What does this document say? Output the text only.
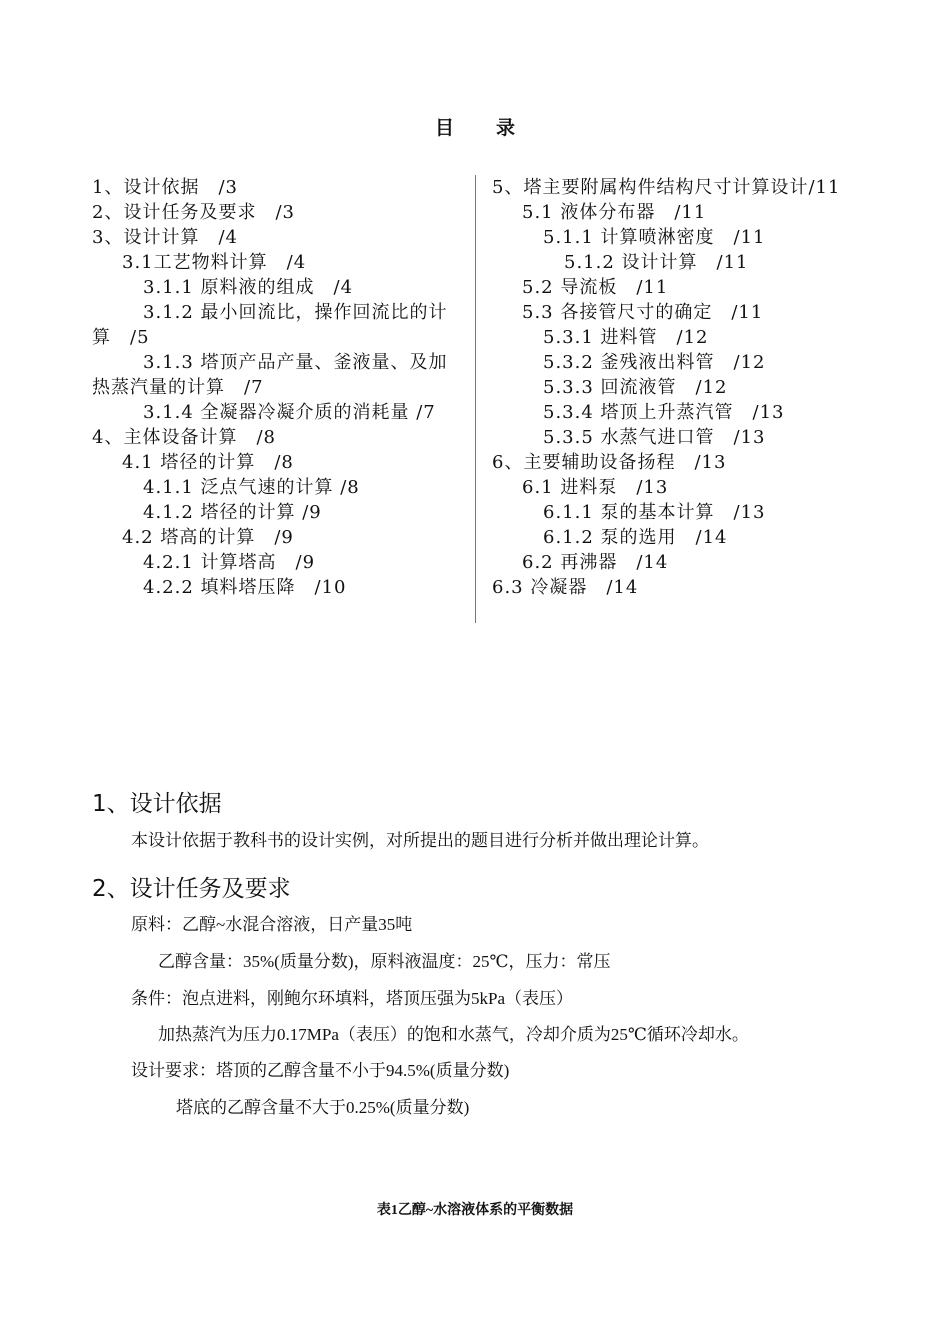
目录
1、设计依据　/3
2、设计任务及要求　/3
3、设计计算　/4
3.1工艺物料计算　/4
3.1.1 原料液的组成　/4
3.1.2 最小回流比，操作回流比的计算　/5
3.1.3 塔顶产品产量、釜液量、及加热蒸汽量的计算　/7
3.1.4 全凝器冷凝介质的消耗量 /7
4、主体设备计算　/8
4.1 塔径的计算　/8
4.1.1 泛点气速的计算 /8
4.1.2 塔径的计算 /9
4.2 塔高的计算　/9
4.2.1 计算塔高　/9
4.2.2 填料塔压降　/10
5、塔主要附属构件结构尺寸计算设计/11
5.1 液体分布器　/11
5.1.1 计算喷淋密度　/11
5.1.2 设计计算　/11
5.2 导流板　/11
5.3 各接管尺寸的确定　/11
5.3.1 进料管　/12
5.3.2 釜残液出料管　/12
5.3.3 回流液管　/12
5.3.4 塔顶上升蒸汽管　/13
5.3.5 水蒸气进口管　/13
6、主要辅助设备扬程　/13
6.1 进料泵　/13
6.1.1 泵的基本计算　/13
6.1.2 泵的选用　/14
6.2 再沸器　/14
6.3 冷凝器　/14
1、设计依据
本设计依据于教科书的设计实例，对所提出的题目进行分析并做出理论计算。
2、设计任务及要求
原料：乙醇~水混合溶液，日产量35吨
乙醇含量：35%(质量分数)，原料液温度：25℃，压力：常压
条件：泡点进料，刚鲍尔环填料，塔顶压强为5kPa（表压）
加热蒸汽为压力0.17MPa（表压）的饱和水蒸气，冷却介质为25℃循环冷却水。
设计要求：塔顶的乙醇含量不小于94.5%(质量分数)
塔底的乙醇含量不大于0.25%(质量分数)
表1乙醇~水溶液体系的平衡数据
